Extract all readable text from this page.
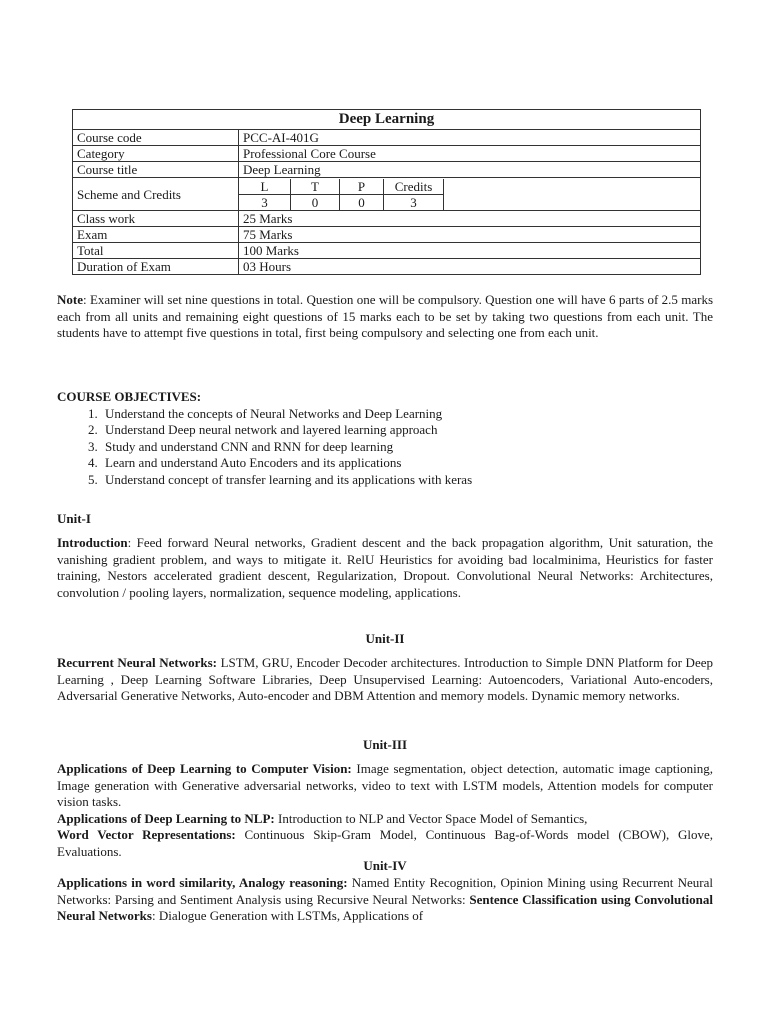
Deep Learning
Course code	PCC-AI-401G
Category	Professional Core Course
Course title	Deep Learning
Scheme and Credits	
L	T	P	Credits
3	0	0	3

Class work	25 Marks
Exam	75 Marks
Total	100 Marks
Duration of Exam	03 Hours
Note: Examiner will set nine questions in total. Question one will be compulsory. Question one will have 6 parts of 2.5 marks each from all units and remaining eight questions of 15 marks each to be set by taking two questions from each unit. The students have to attempt five questions in total, first being compulsory and selecting one from each unit.
COURSE OBJECTIVES:
1. Understand the concepts of Neural Networks and Deep Learning
2. Understand Deep neural network and layered learning approach
3. Study and understand CNN and RNN for deep learning
4. Learn and understand Auto Encoders and its applications
5. Understand concept of transfer learning and its applications with keras
Unit-I
Introduction: Feed forward Neural networks, Gradient descent and the back propagation algorithm, Unit saturation, the vanishing gradient problem, and ways to mitigate it. RelU Heuristics for avoiding bad localminima, Heuristics for faster training, Nestors accelerated gradient descent, Regularization, Dropout. Convolutional Neural Networks: Architectures, convolution / pooling layers, normalization, sequence modeling, applications.
Unit-II
Recurrent Neural Networks: LSTM, GRU, Encoder Decoder architectures. Introduction to Simple DNN Platform for Deep Learning , Deep Learning Software Libraries, Deep Unsupervised Learning: Autoencoders, Variational Auto-encoders, Adversarial Generative Networks, Auto-encoder and DBM Attention and memory models. Dynamic memory networks.
Unit-III
Applications of Deep Learning to Computer Vision: Image segmentation, object detection, automatic image captioning, Image generation with Generative adversarial networks, video to text with LSTM models, Attention models for computer vision tasks.
Applications of Deep Learning to NLP: Introduction to NLP and Vector Space Model of Semantics,
Word Vector Representations: Continuous Skip-Gram Model, Continuous Bag-of-Words model (CBOW), Glove, Evaluations.
Unit-IV
Applications in word similarity, Analogy reasoning: Named Entity Recognition, Opinion Mining using Recurrent Neural Networks: Parsing and Sentiment Analysis using Recursive Neural Networks: Sentence Classification using Convolutional Neural Networks: Dialogue Generation with LSTMs, Applications of
